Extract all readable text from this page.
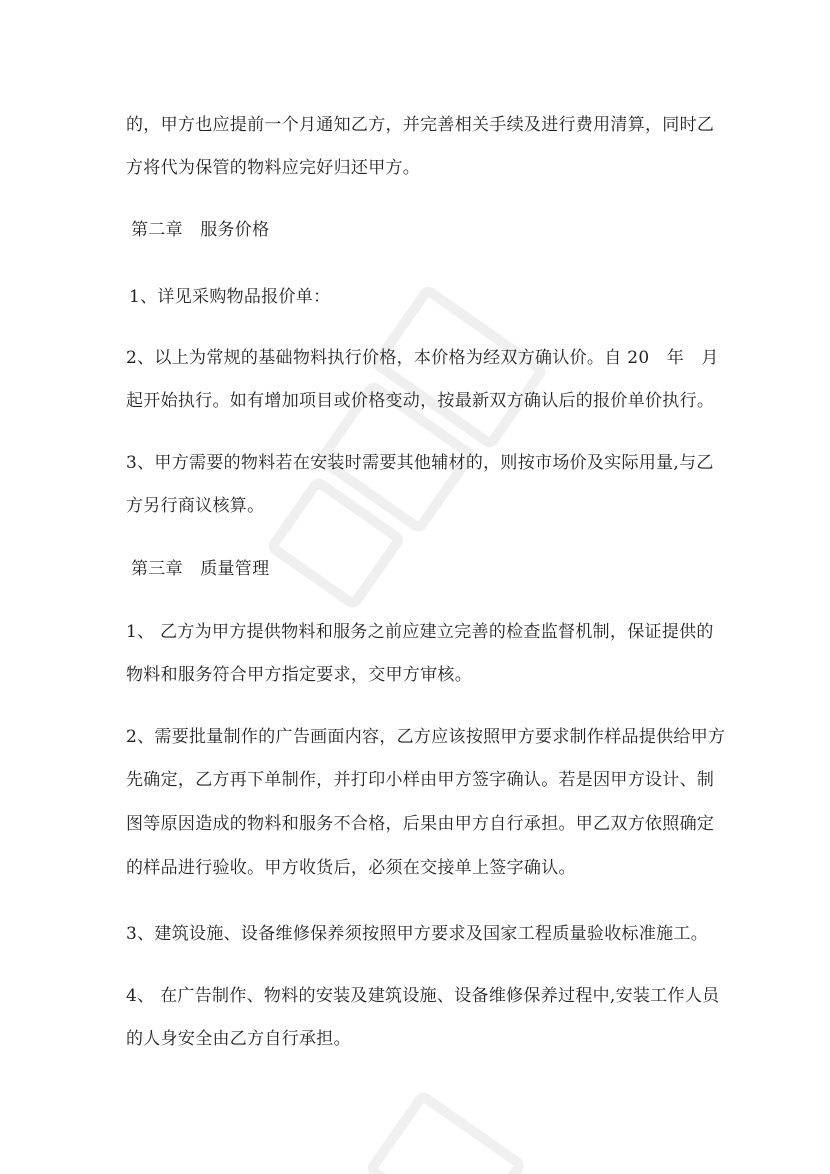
的，甲方也应提前一个月通知乙方，并完善相关手续及进行费用清算，同时乙
方将代为保管的物料应完好归还甲方。
第二章　服务价格
1、详见采购物品报价单：
2、以上为常规的基础物料执行价格，本价格为经双方确认价。自 20　年　月
起开始执行。如有增加项目或价格变动，按最新双方确认后的报价单价执行。
3、甲方需要的物料若在安装时需要其他辅材的，则按市场价及实际用量,与乙
方另行商议核算。
第三章　质量管理
1、 乙方为甲方提供物料和服务之前应建立完善的检查监督机制，保证提供的
物料和服务符合甲方指定要求，交甲方审核。
2、需要批量制作的广告画面内容，乙方应该按照甲方要求制作样品提供给甲方
先确定，乙方再下单制作，并打印小样由甲方签字确认。若是因甲方设计、制
图等原因造成的物料和服务不合格，后果由甲方自行承担。甲乙双方依照确定
的样品进行验收。甲方收货后，必须在交接单上签字确认。
3、建筑设施、设备维修保养须按照甲方要求及国家工程质量验收标准施工。
4、 在广告制作、物料的安装及建筑设施、设备维修保养过程中,安装工作人员
的人身安全由乙方自行承担。
